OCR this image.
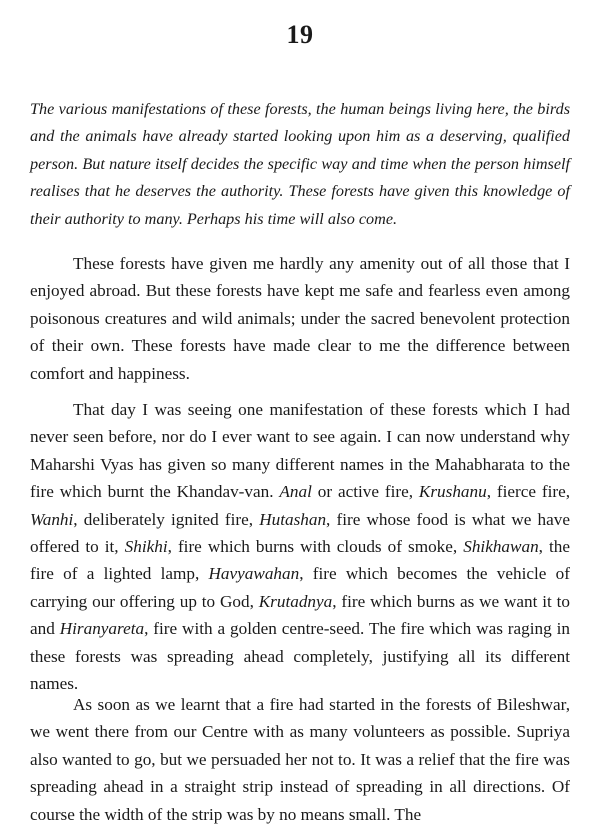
19

The various manifestations of these forests, the human beings living here, the birds and the animals have already started looking upon him as a deserving, qualified person. But nature itself decides the specific way and time when the person himself realises that he deserves the authority. These forests have given this knowledge of their authority to many. Perhaps his time will also come.

These forests have given me hardly any amenity out of all those that I enjoyed abroad. But these forests have kept me safe and fearless even among poisonous creatures and wild animals; under the sacred benevolent protection of their own. These forests have made clear to me the difference between comfort and happiness.

That day I was seeing one manifestation of these forests which I had never seen before, nor do I ever want to see again. I can now understand why Maharshi Vyas has given so many different names in the Mahabharata to the fire which burnt the Khandav-van. Anal or active fire, Krushanu, fierce fire, Wanhi, deliberately ignited fire, Hutashan, fire whose food is what we have offered to it, Shikhi, fire which burns with clouds of smoke, Shikhawan, the fire of a lighted lamp, Havyawahan, fire which becomes the vehicle of carrying our offering up to God, Krutadnya, fire which burns as we want it to and Hiranyareta, fire with a golden centre-seed. The fire which was raging in these forests was spreading ahead completely, justifying all its different names.

As soon as we learnt that a fire had started in the forests of Bileshwar, we went there from our Centre with as many volunteers as possible. Supriya also wanted to go, but we persuaded her not to. It was a relief that the fire was spreading ahead in a straight strip instead of spreading in all directions. Of course the width of the strip was by no means small. The
